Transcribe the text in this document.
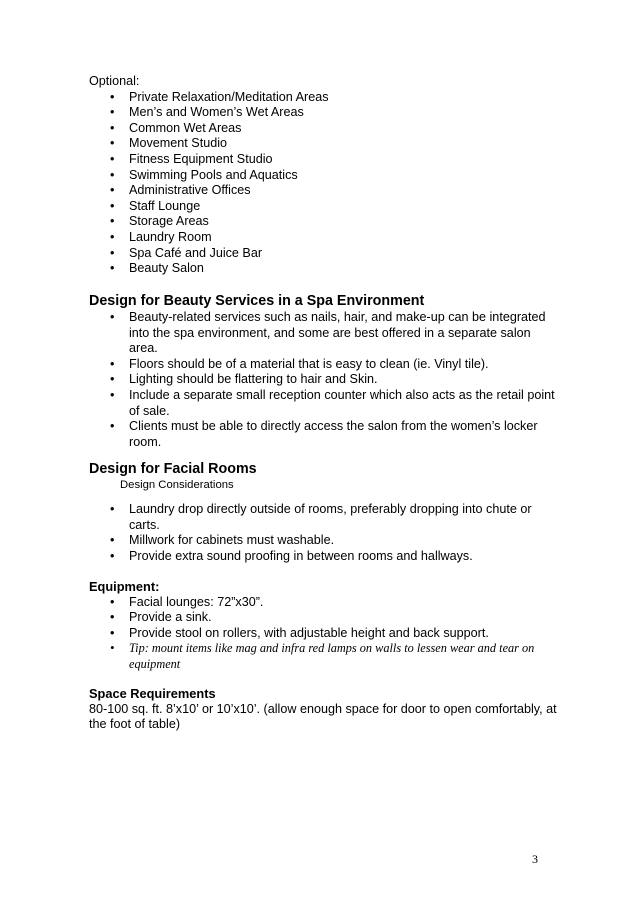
Optional:

• Private Relaxation/Meditation Areas
• Men’s and Women’s Wet Areas
• Common Wet Areas
• Movement Studio
• Fitness Equipment Studio
• Swimming Pools and Aquatics
• Administrative Offices
• Staff Lounge
• Storage Areas
• Laundry Room
• Spa Café and Juice Bar
• Beauty Salon
Design for Beauty Services in a Spa Environment
• Beauty-related services such as nails, hair, and make-up can be integrated into the spa environment, and some are best offered in a separate salon area.
• Floors should be of a material that is easy to clean (ie. Vinyl tile).
• Lighting should be flattering to hair and Skin.
• Include a separate small reception counter which also acts as the retail point of sale.
• Clients must be able to directly access the salon from the women’s locker room.
Design for Facial Rooms

Design Considerations

• Laundry drop directly outside of rooms, preferably dropping into chute or carts.
• Millwork for cabinets must washable.
• Provide extra sound proofing in between rooms and hallways.
Equipment:
• Facial lounges: 72”x30”.
• Provide a sink.
• Provide stool on rollers, with adjustable height and back support.
• Tip: mount items like mag and infra red lamps on walls to lessen wear and tear on equipment
Space Requirements

80-100 sq. ft. 8’x10’ or 10’x10’. (allow enough space for door to open comfortably, at the foot of table)

3
